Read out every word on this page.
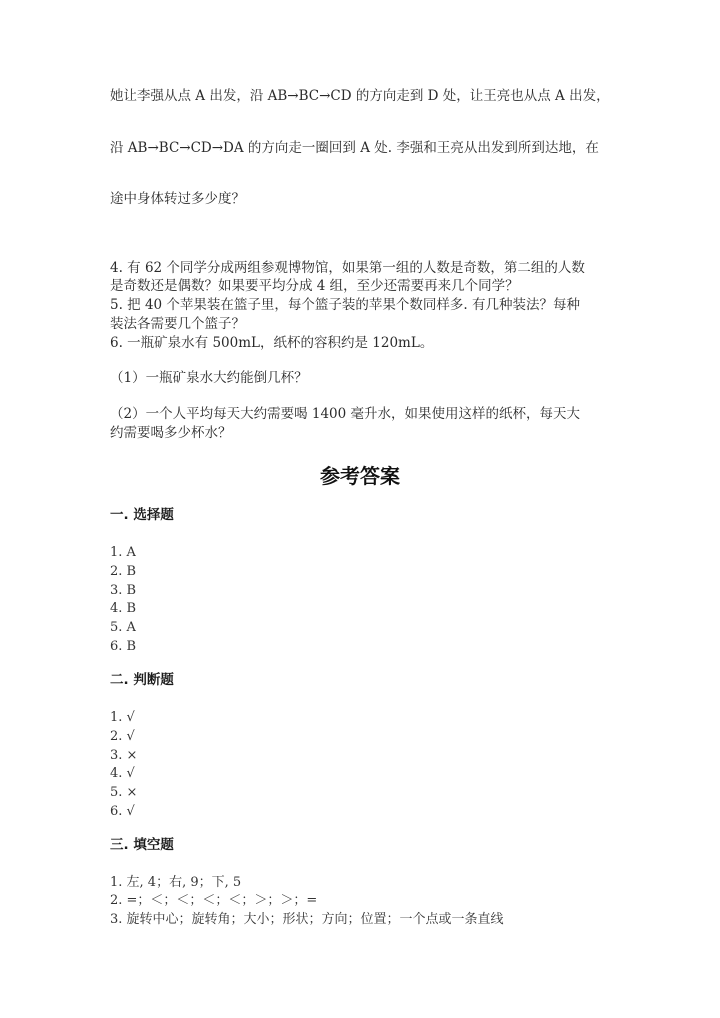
她让李强从点 A 出发，沿 AB→BC→CD 的方向走到 D 处，让王亮也从点 A 出发，
沿 AB→BC→CD→DA 的方向走一圈回到 A 处. 李强和王亮从出发到所到达地，在
途中身体转过多少度？
4. 有 62 个同学分成两组参观博物馆，如果第一组的人数是奇数，第二组的人数
是奇数还是偶数？如果要平均分成 4 组，至少还需要再来几个同学？
5. 把 40 个苹果装在篮子里，每个篮子装的苹果个数同样多. 有几种装法？每种
装法各需要几个篮子？
6. 一瓶矿泉水有 500mL，纸杯的容积约是 120mL。
（1）一瓶矿泉水大约能倒几杯？
（2）一个人平均每天大约需要喝 1400 毫升水，如果使用这样的纸杯，每天大
约需要喝多少杯水？
参考答案
一. 选择题
1. A
2. B
3. B
4. B
5. A
6. B
二. 判断题
1. √
2. √
3. ×
4. √
5. ×
6. √
三. 填空题
1. 左, 4；右, 9；下, 5
2. =；＜；＜；＜；＜；＞；＞；=
3. 旋转中心；旋转角；大小；形状；方向；位置；一个点或一条直线
